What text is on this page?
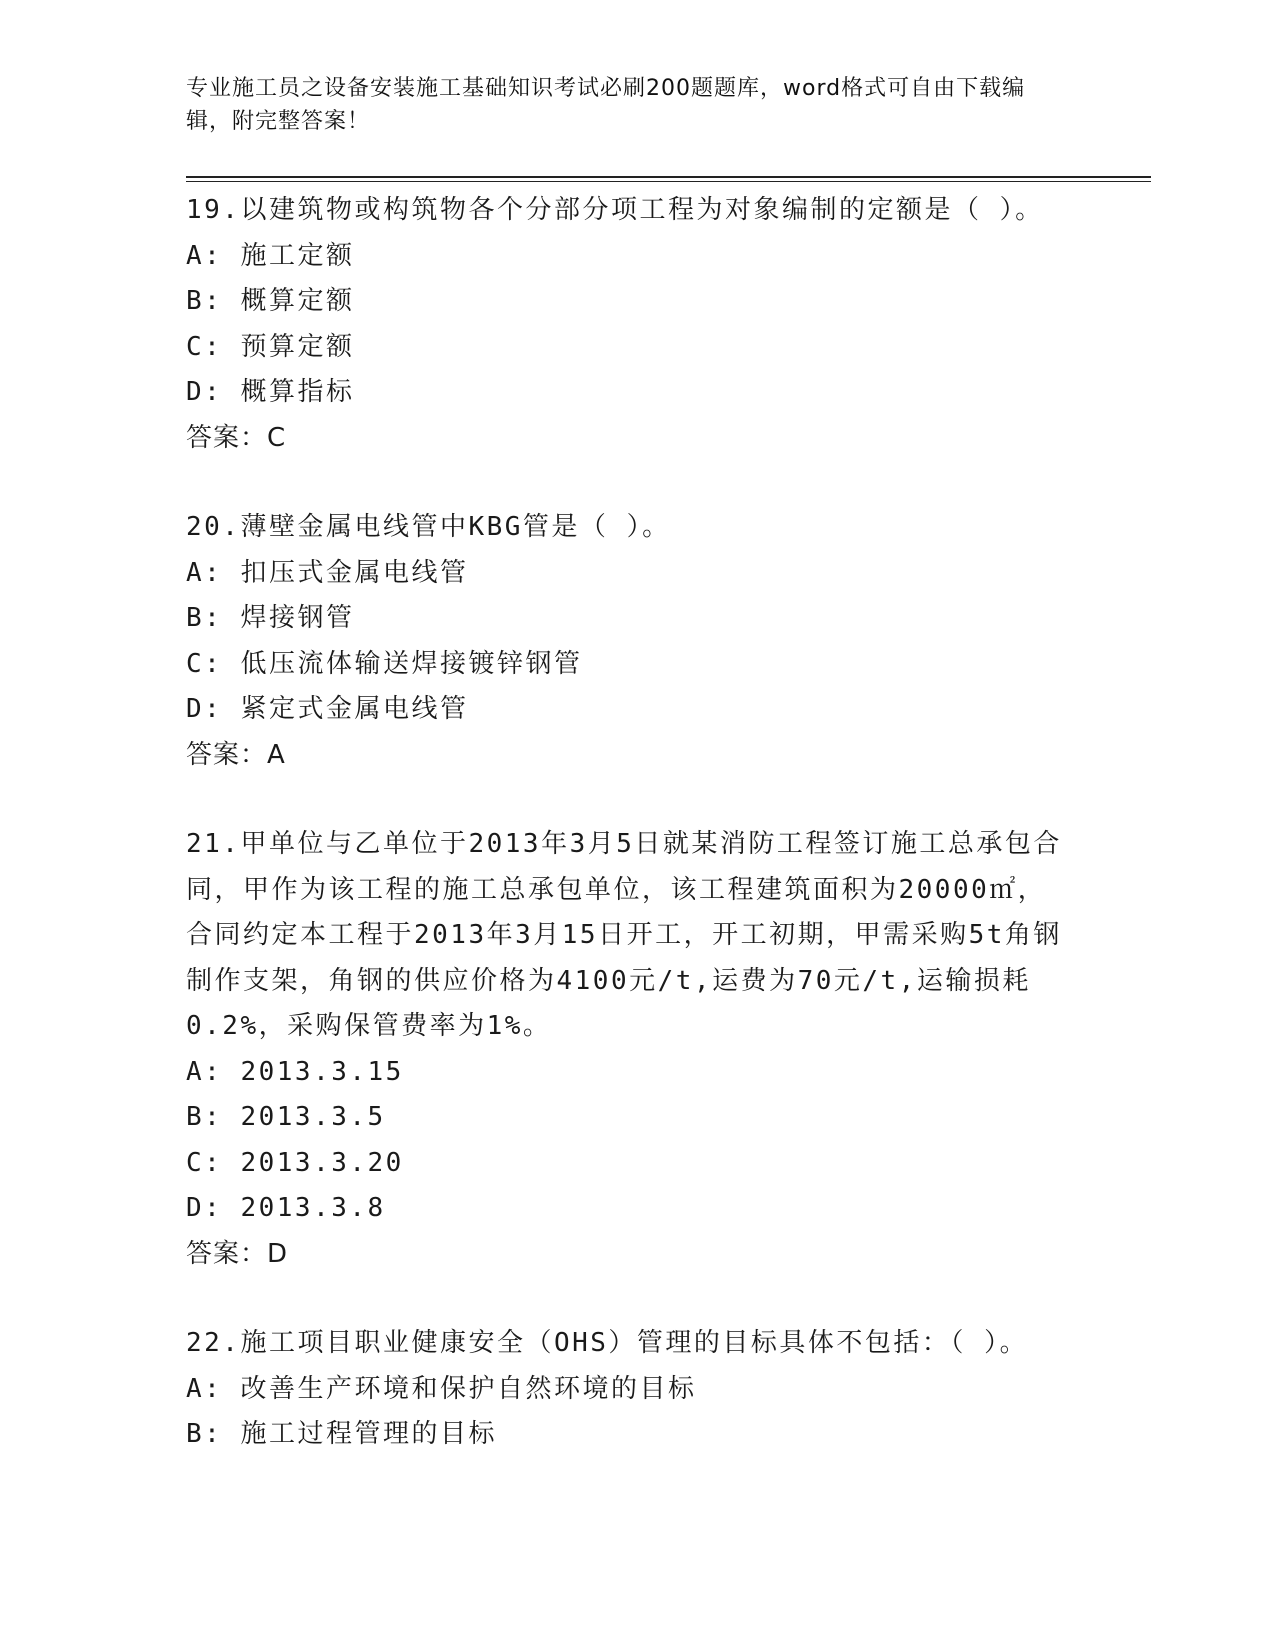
专业施工员之设备安装施工基础知识考试必刷200题题库，word格式可自由下载编辑，附完整答案！
19.以建筑物或构筑物各个分部分项工程为对象编制的定额是（ ）。
A: 施工定额
B: 概算定额
C: 预算定额
D: 概算指标
答案：C
20.薄壁金属电线管中KBG管是（ ）。
A: 扣压式金属电线管
B: 焊接钢管
C: 低压流体输送焊接镀锌钢管
D: 紧定式金属电线管
答案：A
21.甲单位与乙单位于2013年3月5日就某消防工程签订施工总承包合同，甲作为该工程的施工总承包单位，该工程建筑面积为20000㎡，合同约定本工程于2013年3月15日开工，开工初期，甲需采购5t角钢制作支架，角钢的供应价格为4100元/t,运费为70元/t,运输损耗0.2%，采购保管费率为1%。
A: 2013.3.15
B: 2013.3.5
C: 2013.3.20
D: 2013.3.8
答案：D
22.施工项目职业健康安全（OHS）管理的目标具体不包括：（ ）。
A: 改善生产环境和保护自然环境的目标
B: 施工过程管理的目标
